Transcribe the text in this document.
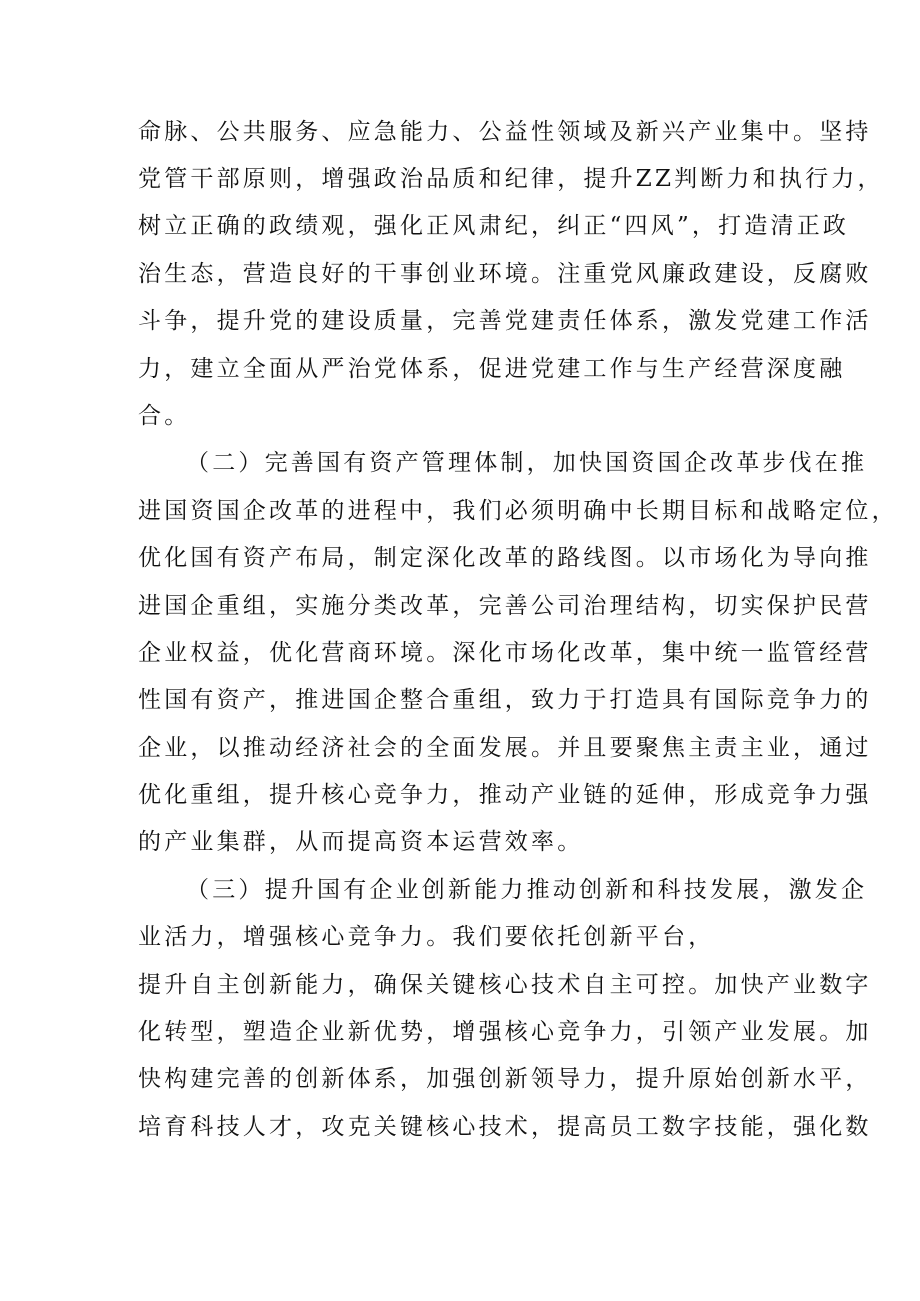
命脉、公共服务、应急能力、公益性领域及新兴产业集中。坚持
党管干部原则，增强政治品质和纪律，提升ZZ判断力和执行力，
树立正确的政绩观，强化正风肃纪，纠正“四风”，打造清正政
治生态，营造良好的干事创业环境。注重党风廉政建设，反腐败
斗争，提升党的建设质量，完善党建责任体系，激发党建工作活
力，建立全面从严治党体系，促进党建工作与生产经营深度融
合。
（二）完善国有资产管理体制，加快国资国企改革步伐在推
进国资国企改革的进程中，我们必须明确中长期目标和战略定位，
优化国有资产布局，制定深化改革的路线图。以市场化为导向推
进国企重组，实施分类改革，完善公司治理结构，切实保护民营
企业权益，优化营商环境。深化市场化改革，集中统一监管经营
性国有资产，推进国企整合重组，致力于打造具有国际竞争力的
企业，以推动经济社会的全面发展。并且要聚焦主责主业，通过
优化重组，提升核心竞争力，推动产业链的延伸，形成竞争力强
的产业集群，从而提高资本运营效率。
（三）提升国有企业创新能力推动创新和科技发展，激发企
业活力，增强核心竞争力。我们要依托创新平台，
提升自主创新能力，确保关键核心技术自主可控。加快产业数字
化转型，塑造企业新优势，增强核心竞争力，引领产业发展。加
快构建完善的创新体系，加强创新领导力，提升原始创新水平，
培育科技人才，攻克关键核心技术，提高员工数字技能，强化数
